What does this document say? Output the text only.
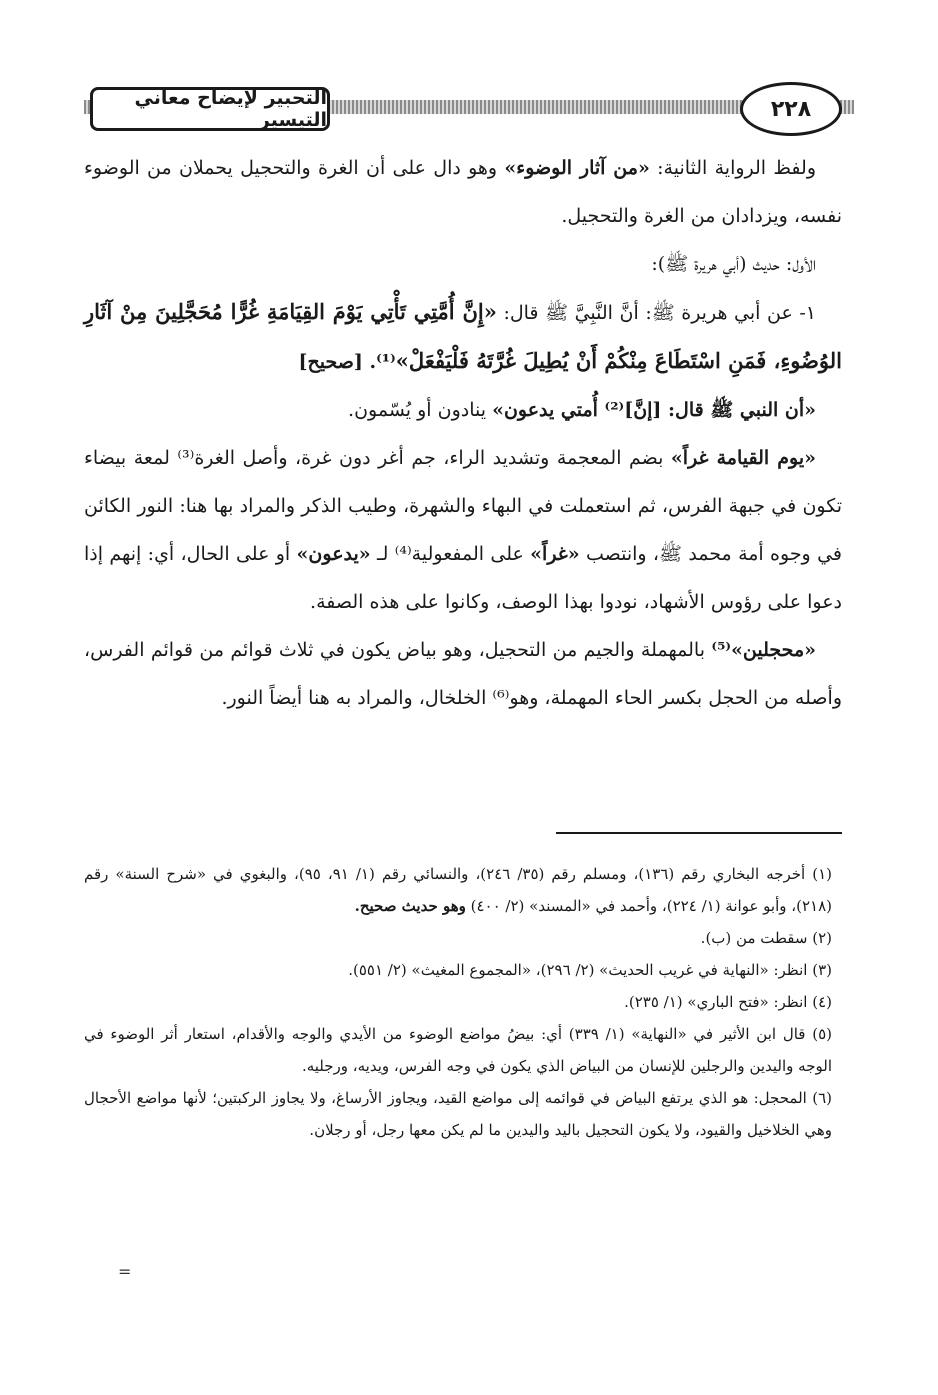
٢٢٨
التحبير لإيضاح معاني التيسير

ولفظ الرواية الثانية: «من آثار الوضوء» وهو دال على أن الغرة والتحجيل يحملان من الوضوء نفسه، ويزدادان من الغرة والتحجيل.

الأول: حديث (أبي هريرة ﷺ):

١- عن أبي هريرة ﷺ: أنَّ النَّبِيَّ ﷺ قال: «إِنَّ أُمَّتِي تَأْتِي يَوْمَ القِيَامَةِ غُرًّا مُحَجَّلِينَ مِنْ آثَارِ الوُضُوءِ، فَمَنِ اسْتَطَاعَ مِنْكُمْ أَنْ يُطِيلَ غُرَّتَهُ فَلْيَفْعَلْ»⁽¹⁾. [صحيح]

«أن النبي ﷺ قال: [إنَّ]⁽²⁾ أُمتي يدعون» ينادون أو يُسّمون.

«يوم القيامة غراً» بضم المعجمة وتشديد الراء، جم أغر دون غرة، وأصل الغرة⁽³⁾ لمعة بيضاء تكون في جبهة الفرس، ثم استعملت في البهاء والشهرة، وطيب الذكر والمراد بها هنا: النور الكائن في وجوه أمة محمد ﷺ، وانتصب «غراً» على المفعولية⁽⁴⁾ لـ «يدعون» أو على الحال، أي: إنهم إذا دعوا على رؤوس الأشهاد، نودوا بهذا الوصف، وكانوا على هذه الصفة.

«محجلين»⁽⁵⁾ بالمهملة والجيم من التحجيل، وهو بياض يكون في ثلاث قوائم من قوائم الفرس، وأصله من الحجل بكسر الحاء المهملة، وهو⁽⁶⁾ الخلخال، والمراد به هنا أيضاً النور.

(١) أخرجه البخاري رقم (١٣٦)، ومسلم رقم (٣٥/ ٢٤٦)، والنسائي رقم (١/ ٩١، ٩٥)، والبغوي في «شرح السنة» رقم (٢١٨)، وأبو عوانة (١/ ٢٢٤)، وأحمد في «المسند» (٢/ ٤٠٠) وهو حديث صحيح.

(٢) سقطت من (ب).

(٣) انظر: «النهاية في غريب الحديث» (٢/ ٢٩٦)، «المجموع المغيث» (٢/ ٥٥١).

(٤) انظر: «فتح الباري» (١/ ٢٣٥).

(٥) قال ابن الأثير في «النهاية» (١/ ٣٣٩) أي: بيضُ مواضع الوضوء من الأيدي والوجه والأقدام، استعار أثر الوضوء في الوجه واليدين والرجلين للإنسان من البياض الذي يكون في وجه الفرس، ويديه، ورجليه.

(٦) المحجل: هو الذي يرتفع البياض في قوائمه إلى مواضع القيد، ويجاوز الأرساغ، ولا يجاوز الركبتين؛ لأنها مواضع الأحجال وهي الخلاخيل والقيود، ولا يكون التحجيل باليد واليدين ما لم يكن معها رجل، أو رجلان.

=
